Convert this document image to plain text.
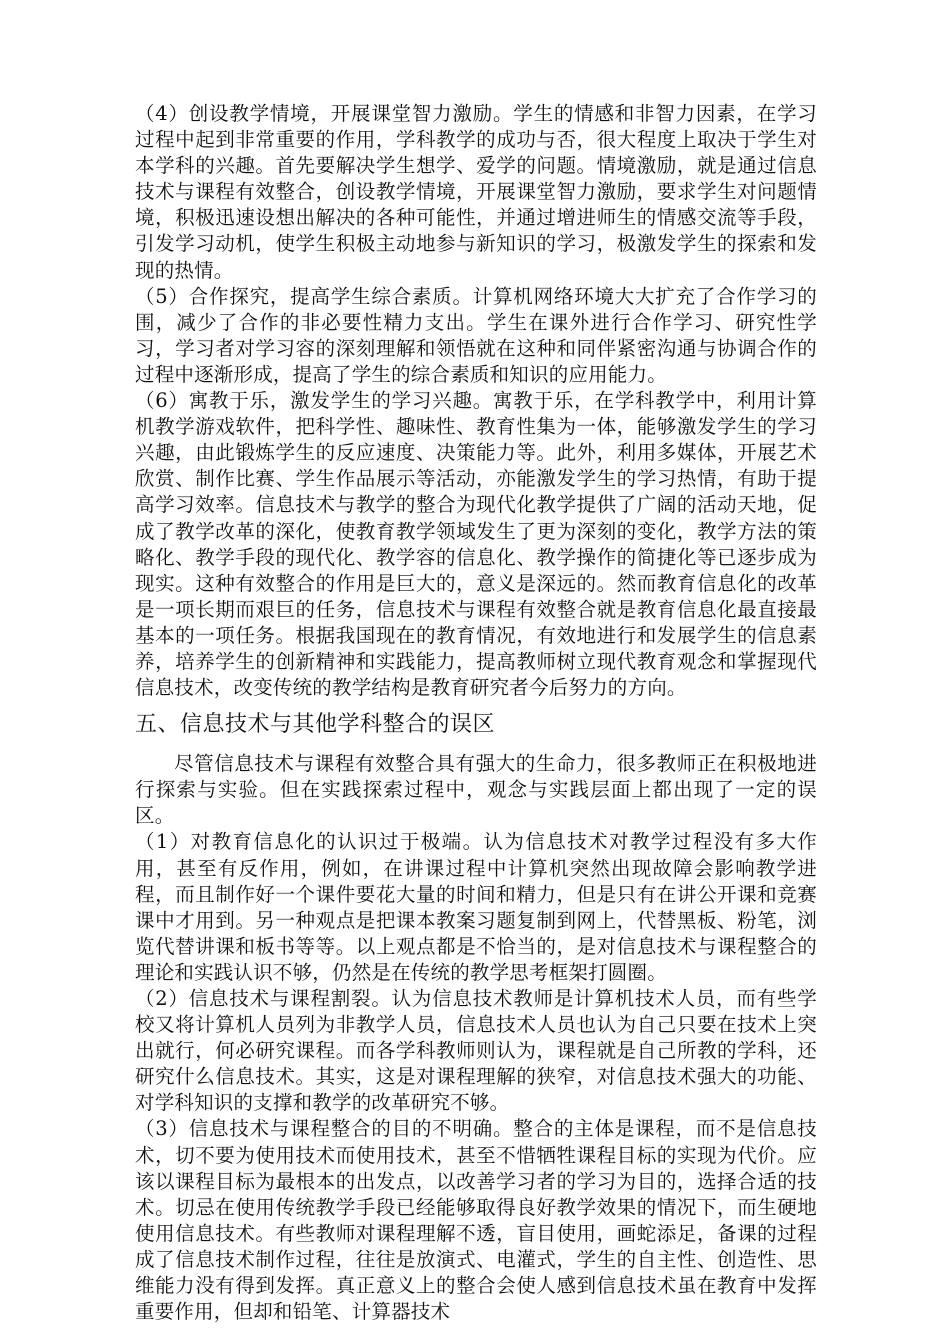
（4）创设教学情境，开展课堂智力激励。学生的情感和非智力因素，在学习过程中起到非常重要的作用，学科教学的成功与否，很大程度上取决于学生对本学科的兴趣。首先要解决学生想学、爱学的问题。情境激励，就是通过信息技术与课程有效整合，创设教学情境，开展课堂智力激励，要求学生对问题情境，积极迅速设想出解决的各种可能性，并通过增进师生的情感交流等手段，引发学习动机，使学生积极主动地参与新知识的学习，极激发学生的探索和发现的热情。

（5）合作探究，提高学生综合素质。计算机网络环境大大扩充了合作学习的围，减少了合作的非必要性精力支出。学生在课外进行合作学习、研究性学习，学习者对学习容的深刻理解和领悟就在这种和同伴紧密沟通与协调合作的过程中逐渐形成，提高了学生的综合素质和知识的应用能力。

（6）寓教于乐，激发学生的学习兴趣。寓教于乐，在学科教学中，利用计算机教学游戏软件，把科学性、趣味性、教育性集为一体，能够激发学生的学习兴趣，由此锻炼学生的反应速度、决策能力等。此外，利用多媒体，开展艺术欣赏、制作比赛、学生作品展示等活动，亦能激发学生的学习热情，有助于提高学习效率。信息技术与教学的整合为现代化教学提供了广阔的活动天地，促成了教学改革的深化，使教育教学领域发生了更为深刻的变化，教学方法的策略化、教学手段的现代化、教学容的信息化、教学操作的简捷化等已逐步成为现实。这种有效整合的作用是巨大的，意义是深远的。然而教育信息化的改革是一项长期而艰巨的任务，信息技术与课程有效整合就是教育信息化最直接最基本的一项任务。根据我国现在的教育情况，有效地进行和发展学生的信息素养，培养学生的创新精神和实践能力，提高教师树立现代教育观念和掌握现代信息技术，改变传统的教学结构是教育研究者今后努力的方向。

五、信息技术与其他学科整合的误区

尽管信息技术与课程有效整合具有强大的生命力，很多教师正在积极地进行探索与实验。但在实践探索过程中，观念与实践层面上都出现了一定的误区。

（1）对教育信息化的认识过于极端。认为信息技术对教学过程没有多大作用，甚至有反作用，例如，在讲课过程中计算机突然出现故障会影响教学进程，而且制作好一个课件要花大量的时间和精力，但是只有在讲公开课和竞赛课中才用到。另一种观点是把课本教案习题复制到网上，代替黑板、粉笔，浏览代替讲课和板书等等。以上观点都是不恰当的，是对信息技术与课程整合的理论和实践认识不够，仍然是在传统的教学思考框架打圆圈。

（2）信息技术与课程割裂。认为信息技术教师是计算机技术人员，而有些学校又将计算机人员列为非教学人员，信息技术人员也认为自己只要在技术上突出就行，何必研究课程。而各学科教师则认为，课程就是自己所教的学科，还研究什么信息技术。其实，这是对课程理解的狭窄，对信息技术强大的功能、对学科知识的支撑和教学的改革研究不够。

（3）信息技术与课程整合的目的不明确。整合的主体是课程，而不是信息技术，切不要为使用技术而使用技术，甚至不惜牺牲课程目标的实现为代价。应该以课程目标为最根本的出发点，以改善学习者的学习为目的，选择合适的技术。切忌在使用传统教学手段已经能够取得良好教学效果的情况下，而生硬地使用信息技术。有些教师对课程理解不透，盲目使用，画蛇添足，备课的过程成了信息技术制作过程，往往是放演式、电灌式，学生的自主性、创造性、思维能力没有得到发挥。真正意义上的整合会使人感到信息技术虽在教育中发挥重要作用，但却和铅笔、计算器技术
